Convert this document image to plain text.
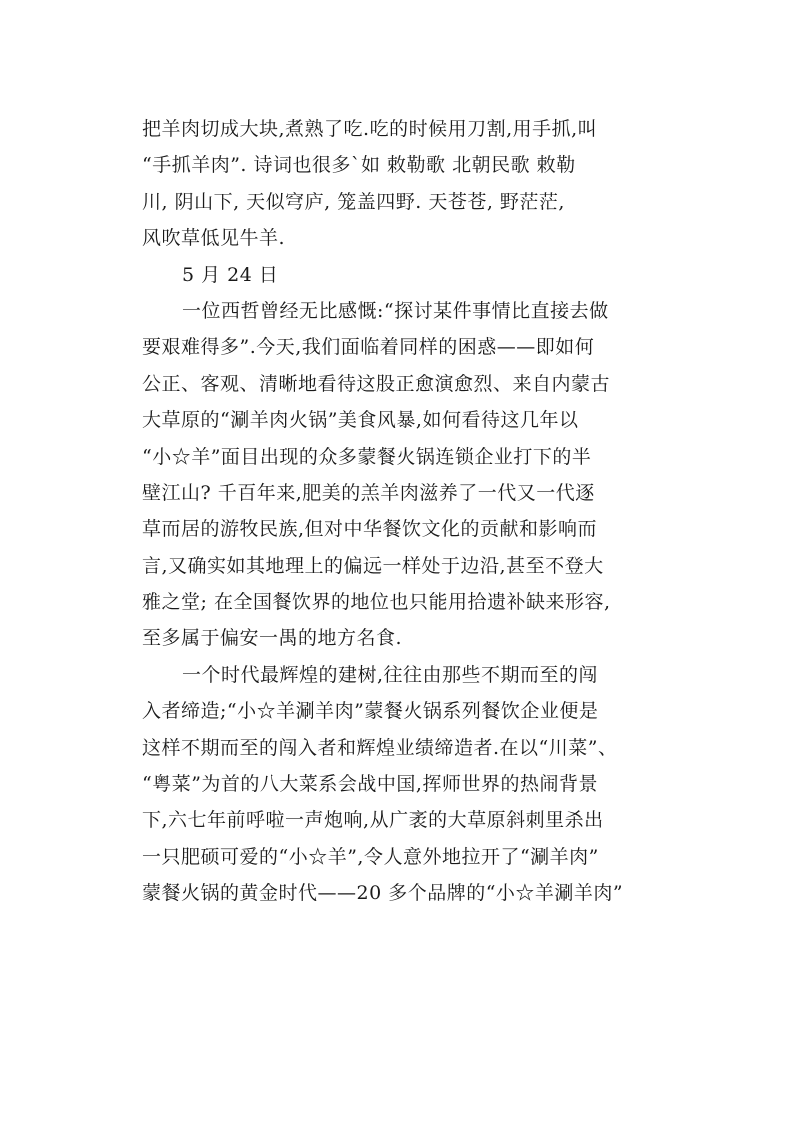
把羊肉切成大块,煮熟了吃.吃的时候用刀割,用手抓,叫
“手抓羊肉”. 诗词也很多`如 敕勒歌 北朝民歌 敕勒
川, 阴山下, 天似穹庐, 笼盖四野. 天苍苍, 野茫茫,
风吹草低见牛羊.
5 月 24 日
一位西哲曾经无比感慨:“探讨某件事情比直接去做
要艰难得多”.今天,我们面临着同样的困惑——即如何
公正、客观、清晰地看待这股正愈演愈烈、来自内蒙古
大草原的“涮羊肉火锅”美食风暴,如何看待这几年以
“小☆羊”面目出现的众多蒙餐火锅连锁企业打下的半
壁江山? 千百年来,肥美的羔羊肉滋养了一代又一代逐
草而居的游牧民族,但对中华餐饮文化的贡献和影响而
言,又确实如其地理上的偏远一样处于边沿,甚至不登大
雅之堂; 在全国餐饮界的地位也只能用拾遗补缺来形容,
至多属于偏安一禺的地方名食.
一个时代最辉煌的建树,往往由那些不期而至的闯
入者缔造;“小☆羊涮羊肉”蒙餐火锅系列餐饮企业便是
这样不期而至的闯入者和辉煌业绩缔造者.在以“川菜”、
“粤菜”为首的八大菜系会战中国,挥师世界的热闹背景
下,六七年前呼啦一声炮响,从广袤的大草原斜刺里杀出
一只肥硕可爱的“小☆羊”,令人意外地拉开了“涮羊肉”
蒙餐火锅的黄金时代——20 多个品牌的“小☆羊涮羊肉”
